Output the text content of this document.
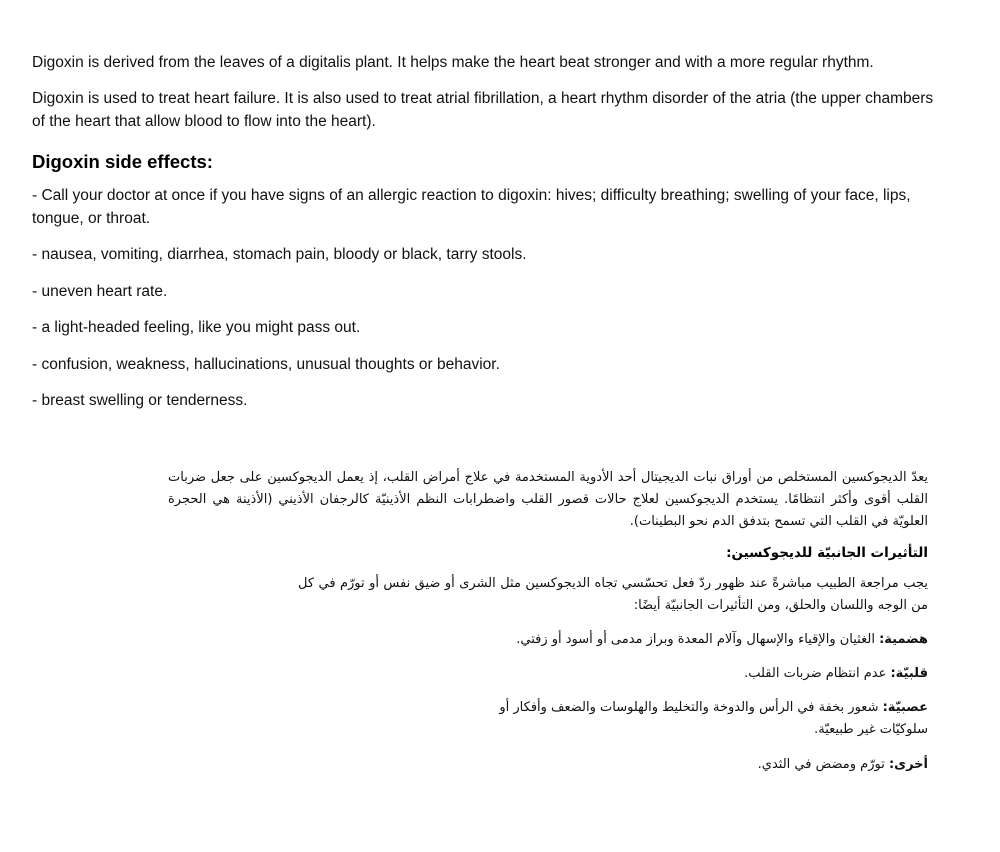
Digoxin is derived from the leaves of a digitalis plant. It helps make the heart beat stronger and with a more regular rhythm.

Digoxin is used to treat heart failure. It is also used to treat atrial fibrillation, a heart rhythm disorder of the atria (the upper chambers of the heart that allow blood to flow into the heart).

Digoxin side effects:

- Call your doctor at once if you have signs of an allergic reaction to digoxin: hives; difficulty breathing; swelling of your face, lips, tongue, or throat.

- nausea, vomiting, diarrhea, stomach pain, bloody or black, tarry stools.

- uneven heart rate.

- a light-headed feeling, like you might pass out.

- confusion, weakness, hallucinations, unusual thoughts or behavior.

- breast swelling or tenderness.

يعدّ الديجوكسين المستخلص من أوراق نبات الديجيتال أحد الأدوية المستخدمة في علاج أمراض القلب، إذ يعمل الديجوكسين على جعل ضربات القلب أقوى وأكثر انتظامًا. يستخدم الديجوكسين لعلاج حالات قصور القلب واضطرابات النظم الأذينيّة كالرجفان الأذيني (الأذينة هي الحجرة العلويّة في القلب التي تسمح بتدفق الدم نحو البطينات).

التأثيرات الجانبيّة للديجوكسين:

يجب مراجعة الطبيب مباشرةً عند ظهور ردّ فعل تحسّسي تجاه الديجوكسين مثل الشرى أو ضيق نفس أو تورّم في كل من الوجه واللسان والحلق، ومن التأثيرات الجانبيّة أيضًا:

هضمية: الغثيان والإقياء والإسهال وآلام المعدة وبراز مدمى أو أسود أو زفتي.

قلبيّة: عدم انتظام ضربات القلب.

عصبيّة: شعور بخفة في الرأس والدوخة والتخليط والهلوسات والضعف وأفكار أو سلوكيّات غير طبيعيّة.

أخرى: تورّم ومضض في الثدي.
